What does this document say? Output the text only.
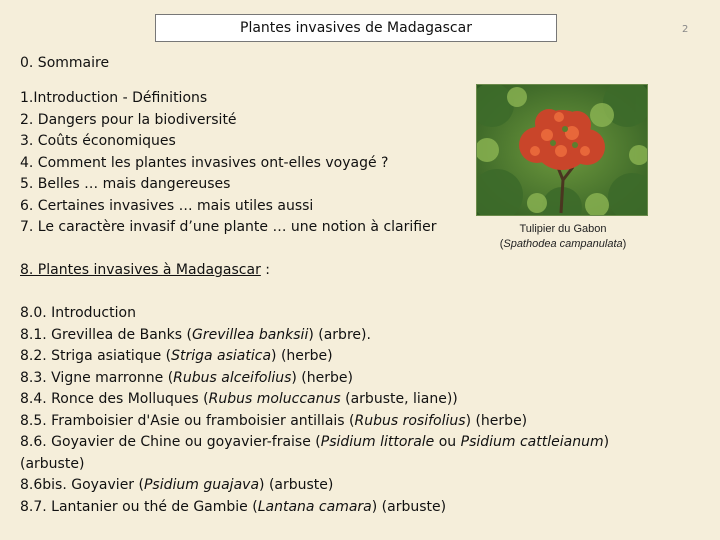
Plantes invasives de Madagascar	2
0. Sommaire
1.Introduction - Définitions
2. Dangers pour la biodiversité
3. Coûts économiques
4. Comment les plantes invasives ont-elles voyagé ?
5. Belles … mais dangereuses
6. Certaines invasives … mais utiles aussi
7. Le caractère invasif d’une plante … une notion à clarifier	Tulipier du Gabon
(Spathodea campanulata)
8. Plantes invasives à Madagascar :
8.0. Introduction
8.1. Grevillea de Banks (Grevillea banksii) (arbre).
8.2. Striga asiatique (Striga asiatica) (herbe)
8.3. Vigne marronne (Rubus alceifolius) (herbe)
8.4. Ronce des Molluques (Rubus moluccanus (arbuste, liane))
8.5. Framboisier d'Asie ou framboisier antillais (Rubus rosifolius) (herbe)
8.6. Goyavier de Chine ou goyavier-fraise (Psidium littorale ou Psidium cattleianum)
(arbuste)
8.6bis. Goyavier (Psidium guajava) (arbuste)
8.7. Lantanier ou thé de Gambie (Lantana camara) (arbuste)
